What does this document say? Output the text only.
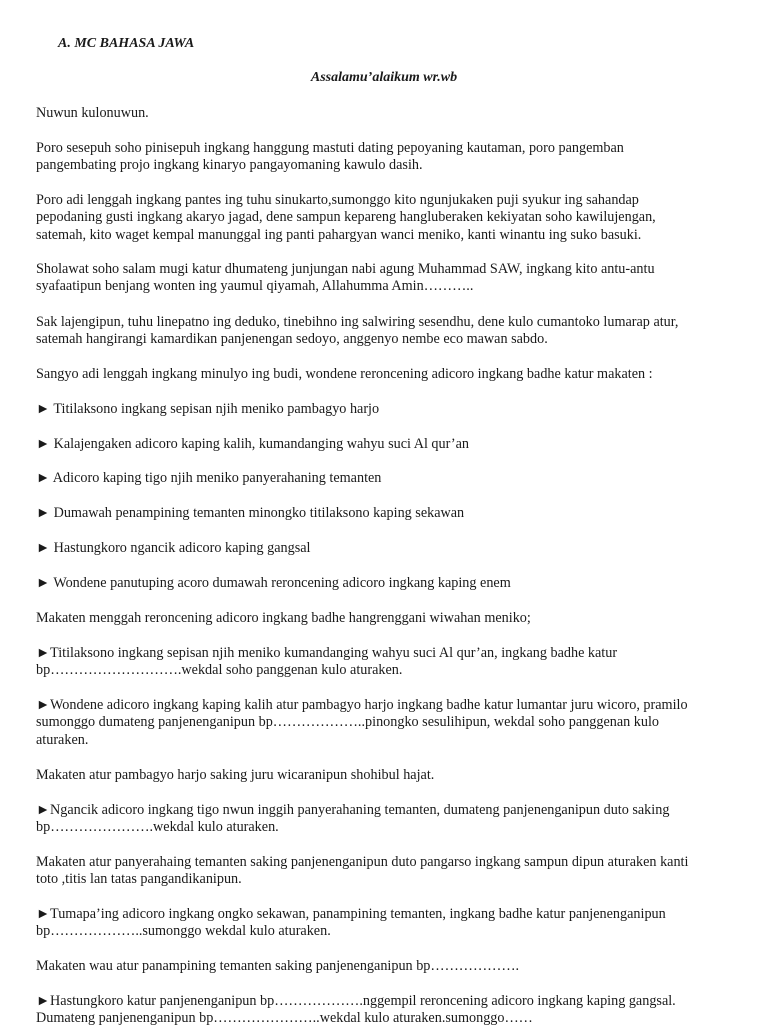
A. MC BAHASA JAWA
Assalamu’alaikum wr.wb
Nuwun kulonuwun.
Poro sesepuh soho pinisepuh ingkang hanggung mastuti dating pepoyaning kautaman, poro pangemban
pangembating projo ingkang kinaryo pangayomaning kawulo dasih.
Poro adi lenggah ingkang pantes ing tuhu sinukarto,sumonggo kito ngunjukaken puji syukur ing sahandap
pepodaning gusti ingkang akaryo jagad, dene sampun kepareng hangluberaken kekiyatan soho kawilujengan,
satemah, kito waget kempal manunggal ing panti pahargyan wanci meniko, kanti winantu ing suko basuki.
Sholawat soho salam mugi katur dhumateng junjungan nabi agung Muhammad SAW, ingkang kito antu-antu
syafaatipun benjang wonten ing yaumul qiyamah, Allahumma Amin………..
Sak lajengipun, tuhu linepatno ing deduko, tinebihno ing salwiring sesendhu, dene kulo cumantoko lumarap atur,
satemah hangirangi kamardikan panjenengan sedoyo, anggenyo nembe eco mawan sabdo.
Sangyo adi lenggah ingkang minulyo ing budi, wondene reroncening adicoro ingkang badhe katur makaten :
► Titilaksono ingkang sepisan njih meniko pambagyo harjo
► Kalajengaken adicoro kaping kalih, kumandanging wahyu suci Al qur’an
► Adicoro kaping tigo njih meniko panyerahaning temanten
► Dumawah penampining temanten minongko titilaksono kaping sekawan
► Hastungkoro ngancik adicoro kaping gangsal
► Wondene panutuping acoro dumawah reroncening adicoro ingkang kaping enem
Makaten menggah reroncening adicoro ingkang badhe hangrenggani wiwahan meniko;
►Titilaksono ingkang sepisan njih meniko kumandanging wahyu suci Al qur’an, ingkang badhe katur
bp……………………….wekdal soho panggenan kulo aturaken.
►Wondene adicoro ingkang kaping kalih atur pambagyo harjo ingkang badhe katur lumantar juru wicoro, pramilo
sumonggo dumateng panjenenganipun bp………………..pinongko sesulihipun, wekdal soho panggenan kulo
aturaken.
Makaten atur pambagyo harjo saking juru wicaranipun shohibul hajat.
►Ngancik adicoro ingkang tigo nwun inggih panyerahaning temanten, dumateng panjenenganipun duto saking
bp………………….wekdal kulo aturaken.
Makaten atur panyerahaing temanten saking panjenenganipun duto pangarso ingkang sampun dipun aturaken kanti
toto ,titis lan tatas pangandikanipun.
►Tumapa’ing adicoro ingkang ongko sekawan, panampining temanten, ingkang badhe katur panjenenganipun
bp………………..sumonggo wekdal kulo aturaken.
Makaten wau atur panampining temanten saking panjenenganipun bp……………….
►Hastungkoro katur panjenenganipun bp……………….nggempil reroncening adicoro ingkang kaping gangsal.
Dumateng panjenenganipun bp…………………..wekdal kulo aturaken.sumonggo……
